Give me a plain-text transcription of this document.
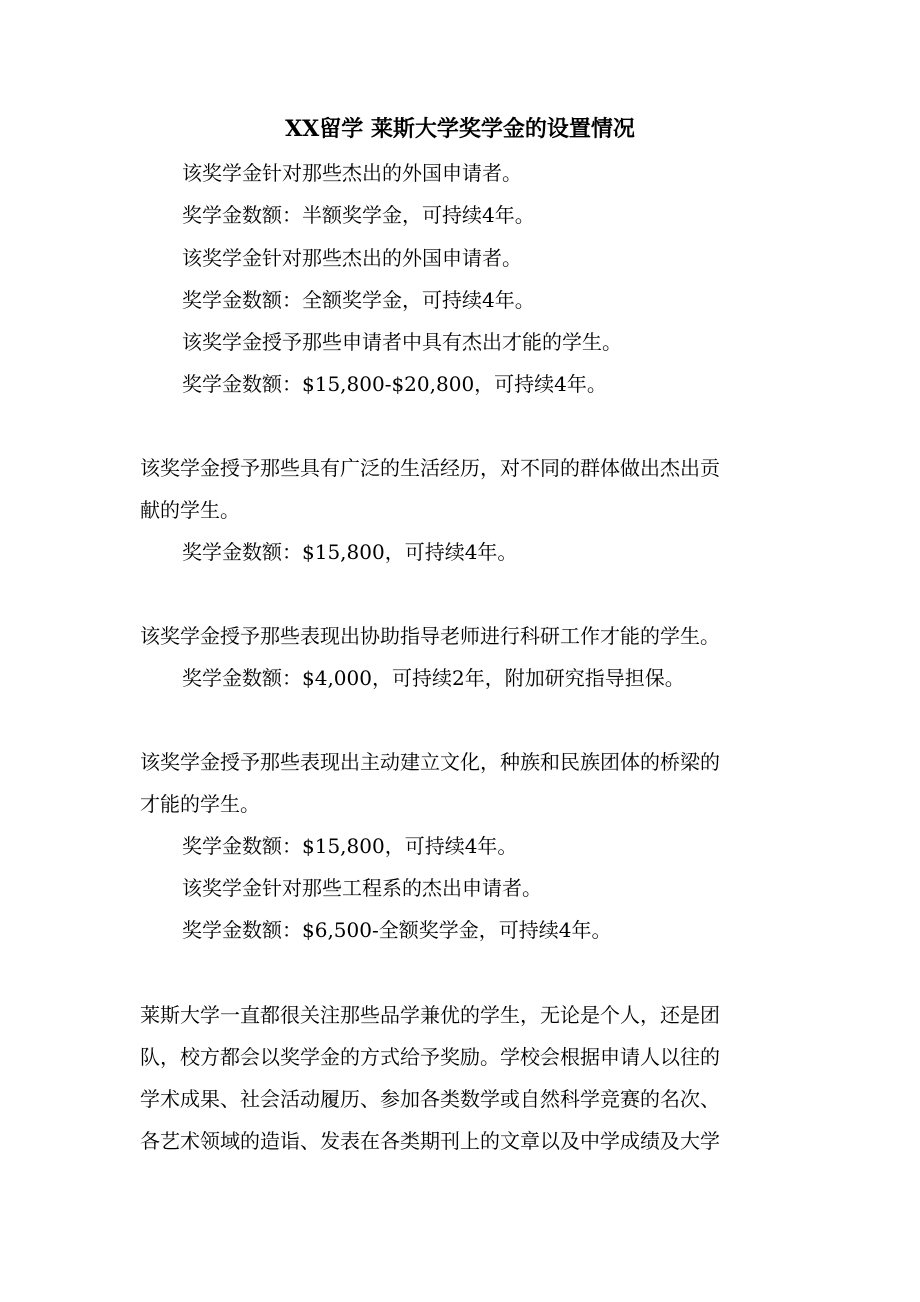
XX留学 莱斯大学奖学金的设置情况
该奖学金针对那些杰出的外国申请者。
奖学金数额：半额奖学金，可持续4年。
该奖学金针对那些杰出的外国申请者。
奖学金数额：全额奖学金，可持续4年。
该奖学金授予那些申请者中具有杰出才能的学生。
奖学金数额：$15,800-$20,800，可持续4年。
该奖学金授予那些具有广泛的生活经历，对不同的群体做出杰出贡
献的学生。
奖学金数额：$15,800，可持续4年。
该奖学金授予那些表现出协助指导老师进行科研工作才能的学生。
奖学金数额：$4,000，可持续2年，附加研究指导担保。
该奖学金授予那些表现出主动建立文化，种族和民族团体的桥梁的
才能的学生。
奖学金数额：$15,800，可持续4年。
该奖学金针对那些工程系的杰出申请者。
奖学金数额：$6,500-全额奖学金，可持续4年。
莱斯大学一直都很关注那些品学兼优的学生，无论是个人，还是团
队，校方都会以奖学金的方式给予奖励。学校会根据申请人以往的
学术成果、社会活动履历、参加各类数学或自然科学竞赛的名次、
各艺术领域的造诣、发表在各类期刊上的文章以及中学成绩及大学
